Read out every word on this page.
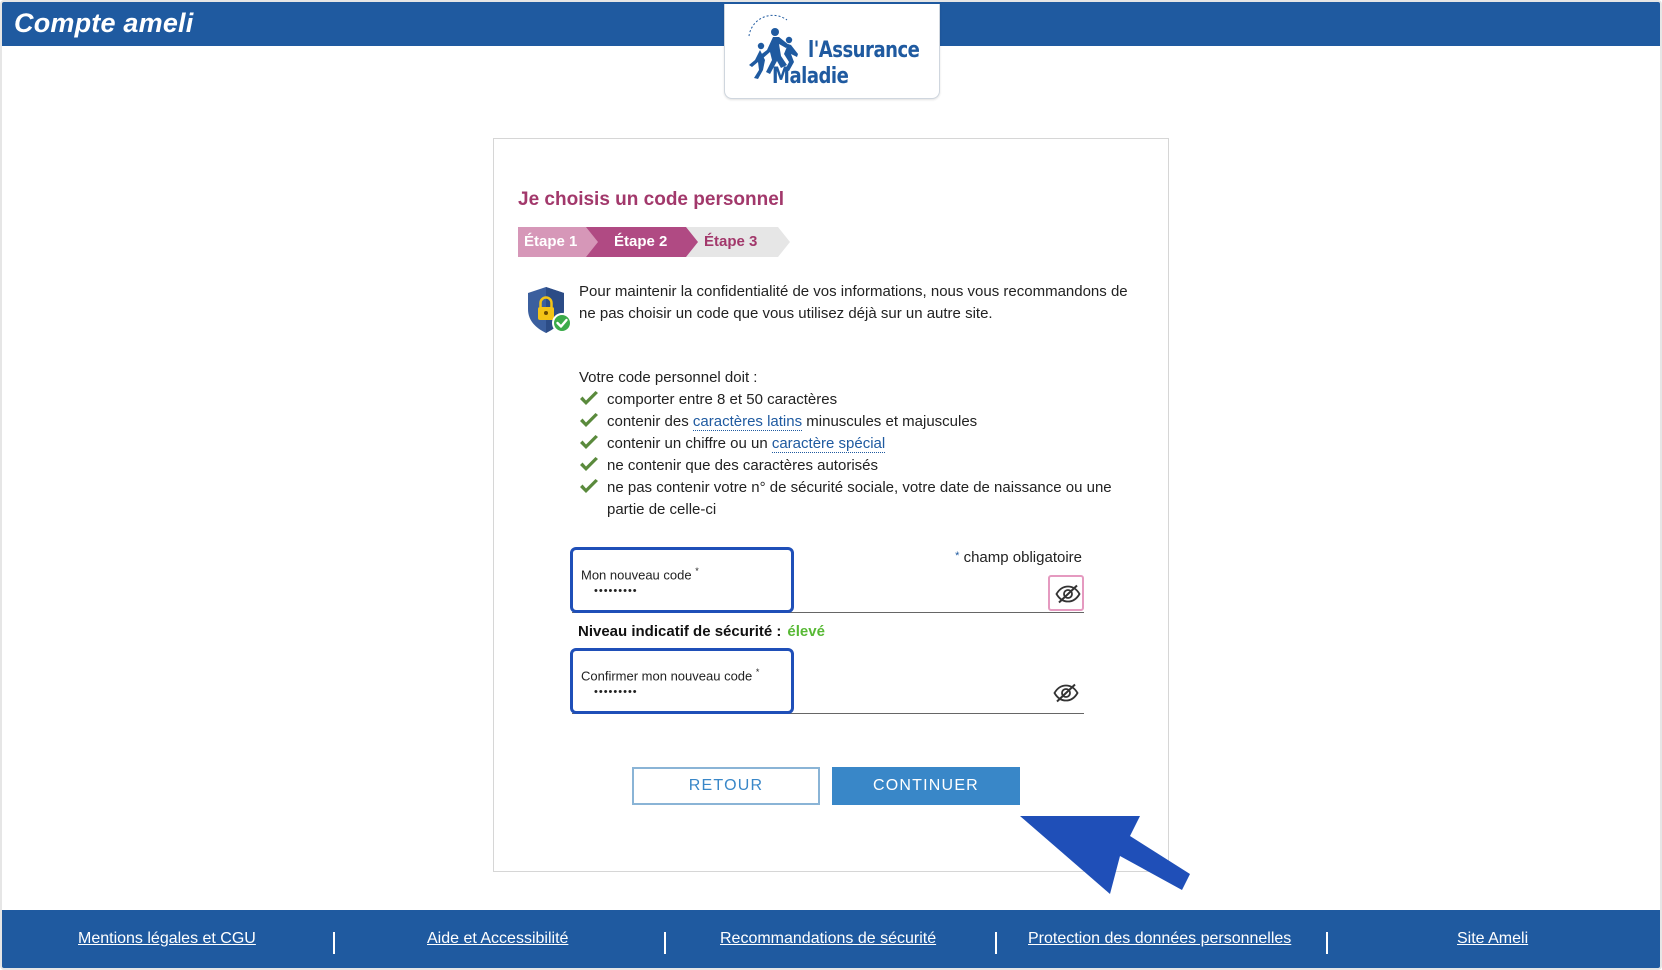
Compte ameli
l'Assurance
Maladie
Je choisis un code personnel
Étape 1	Étape 3
Étape 2
Pour maintenir la confidentialité de vos informations, nous vous recommandons de ne pas choisir un code que vous utilisez déjà sur un autre site.
Votre code personnel doit :
comporter entre 8 et 50 caractères
contenir des caractères latins minuscules et majuscules
contenir un chiffre ou un caractère spécial
ne contenir que des caractères autorisés
ne pas contenir votre n° de sécurité sociale, votre date de naissance ou une partie de celle-ci
* champ obligatoire
Mon nouveau code *
•••••••••
Niveau indicatif de sécurité : élevé
Confirmer mon nouveau code *
•••••••••
RETOUR	CONTINUER
Mentions légales et CGU	Aide et Accessibilité	Recommandations de sécurité	Protection des données personnelles	Site Ameli
